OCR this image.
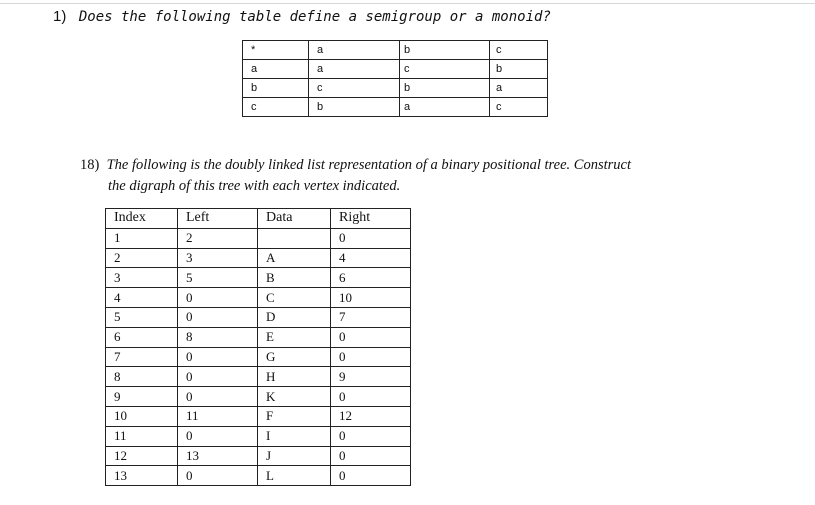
1) Does the following table define a semigroup or a monoid?
*	a	b	c
a	a	c	b
b	c	b	a
c	b	a	c
18) The following is the doubly linked list representation of a binary positional tree. Construct
the digraph of this tree with each vertex indicated.
Index	Left	Data	Right
1	2		0
2	3	A	4
3	5	B	6
4	0	C	10
5	0	D	7
6	8	E	0
7	0	G	0
8	0	H	9
9	0	K	0
10	11	F	12
11	0	I	0
12	13	J	0
13	0	L	0
